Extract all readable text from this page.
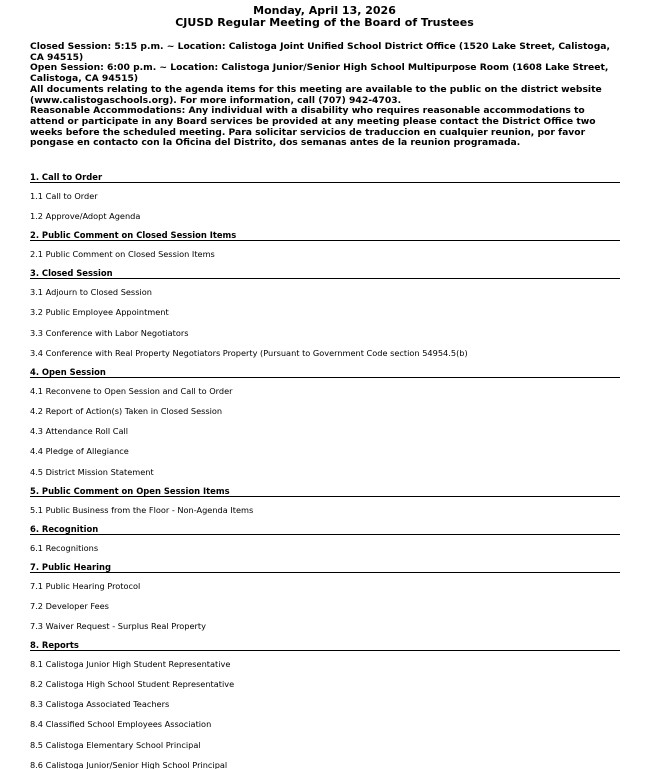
Monday, April 13, 2026
CJUSD Regular Meeting of the Board of Trustees

Closed Session: 5:15 p.m. ~ Location: Calistoga Joint Unified School District Office (1520 Lake Street, Calistoga, CA 94515)

Open Session: 6:00 p.m. ~ Location: Calistoga Junior/Senior High School Multipurpose Room (1608 Lake Street, Calistoga, CA 94515)

All documents relating to the agenda items for this meeting are available to the public on the district website (www.calistogaschools.org). For more information, call (707) 942-4703.

Reasonable Accommodations: Any individual with a disability who requires reasonable accommodations to attend or participate in any Board services be provided at any meeting please contact the District Office two weeks before the scheduled meeting. Para solicitar servicios de traduccion en cualquier reunion, por favor pongase en contacto con la Oficina del Distrito, dos semanas antes de la reunion programada.

1. Call to Order
1.1 Call to Order
1.2 Approve/Adopt Agenda
2. Public Comment on Closed Session Items
2.1 Public Comment on Closed Session Items
3. Closed Session
3.1 Adjourn to Closed Session
3.2 Public Employee Appointment
3.3 Conference with Labor Negotiators
3.4 Conference with Real Property Negotiators Property (Pursuant to Government Code section 54954.5(b)
4. Open Session
4.1 Reconvene to Open Session and Call to Order
4.2 Report of Action(s) Taken in Closed Session
4.3 Attendance Roll Call
4.4 Pledge of Allegiance
4.5 District Mission Statement
5. Public Comment on Open Session Items
5.1 Public Business from the Floor - Non-Agenda Items
6. Recognition
6.1 Recognitions
7. Public Hearing
7.1 Public Hearing Protocol
7.2 Developer Fees
7.3 Waiver Request - Surplus Real Property
8. Reports
8.1 Calistoga Junior High Student Representative
8.2 Calistoga High School Student Representative
8.3 Calistoga Associated Teachers
8.4 Classified School Employees Association
8.5 Calistoga Elementary School Principal
8.6 Calistoga Junior/Senior High School Principal
